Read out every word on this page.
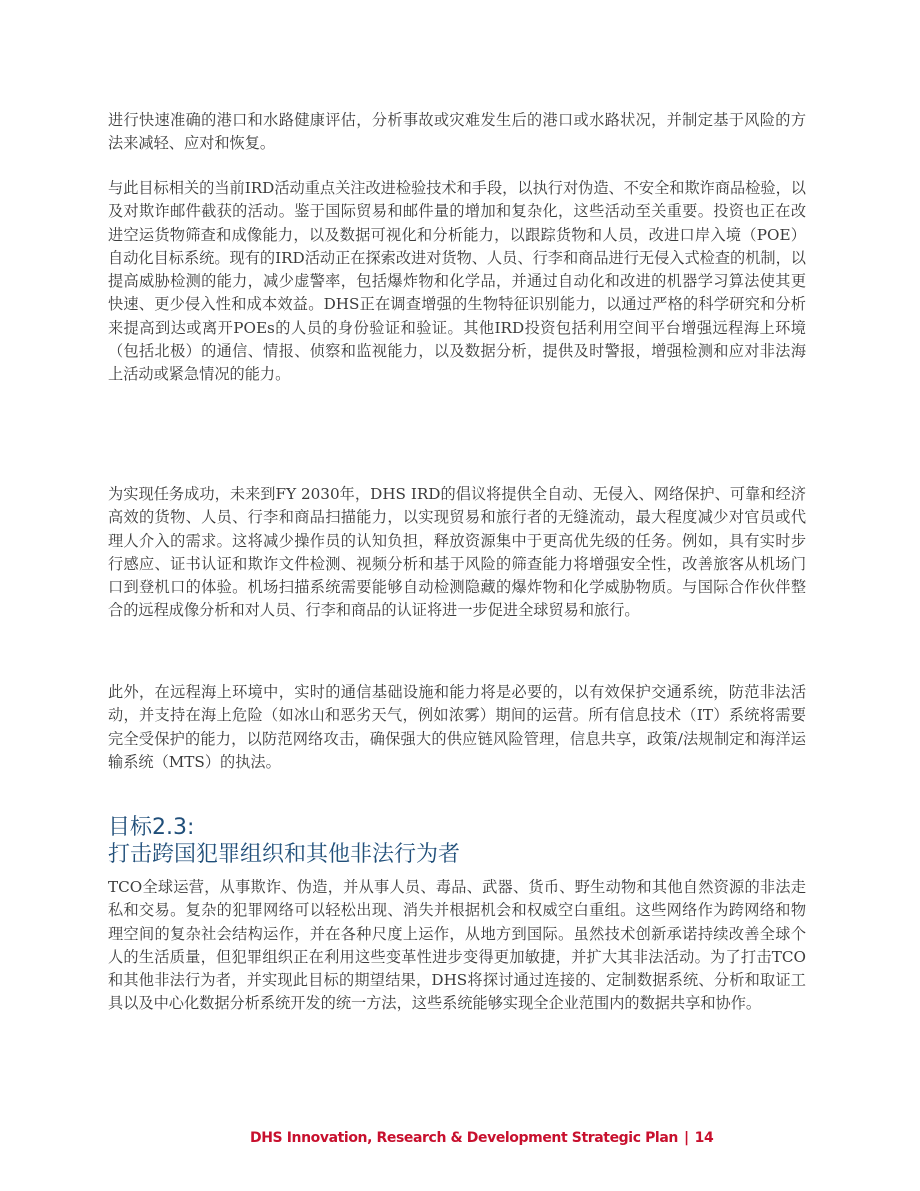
进行快速准确的港口和水路健康评估，分析事故或灾难发生后的港口或水路状况，并制定基于风险的方法来减轻、应对和恢复。

与此目标相关的当前IRD活动重点关注改进检验技术和手段，以执行对伪造、不安全和欺诈商品检验，以及对欺诈邮件截获的活动。鉴于国际贸易和邮件量的增加和复杂化，这些活动至关重要。投资也正在改进空运货物筛查和成像能力，以及数据可视化和分析能力，以跟踪货物和人员，改进口岸入境（POE）自动化目标系统。现有的IRD活动正在探索改进对货物、人员、行李和商品进行无侵入式检查的机制，以提高威胁检测的能力，减少虚警率，包括爆炸物和化学品，并通过自动化和改进的机器学习算法使其更快速、更少侵入性和成本效益。DHS正在调查增强的生物特征识别能力，以通过严格的科学研究和分析来提高到达或离开POEs的人员的身份验证和验证。其他IRD投资包括利用空间平台增强远程海上环境（包括北极）的通信、情报、侦察和监视能力，以及数据分析，提供及时警报，增强检测和应对非法海上活动或紧急情况的能力。

为实现任务成功，未来到FY 2030年，DHS IRD的倡议将提供全自动、无侵入、网络保护、可靠和经济高效的货物、人员、行李和商品扫描能力，以实现贸易和旅行者的无缝流动，最大程度减少对官员或代理人介入的需求。这将减少操作员的认知负担，释放资源集中于更高优先级的任务。例如，具有实时步行感应、证书认证和欺诈文件检测、视频分析和基于风险的筛查能力将增强安全性，改善旅客从机场门口到登机口的体验。机场扫描系统需要能够自动检测隐藏的爆炸物和化学威胁物质。与国际合作伙伴整合的远程成像分析和对人员、行李和商品的认证将进一步促进全球贸易和旅行。

此外，在远程海上环境中，实时的通信基础设施和能力将是必要的，以有效保护交通系统，防范非法活动，并支持在海上危险（如冰山和恶劣天气，例如浓雾）期间的运营。所有信息技术（IT）系统将需要完全受保护的能力，以防范网络攻击，确保强大的供应链风险管理，信息共享，政策/法规制定和海洋运输系统（MTS）的执法。

目标2.3:
打击跨国犯罪组织和其他非法行为者

TCO全球运营，从事欺诈、伪造，并从事人员、毒品、武器、货币、野生动物和其他自然资源的非法走私和交易。复杂的犯罪网络可以轻松出现、消失并根据机会和权威空白重组。这些网络作为跨网络和物理空间的复杂社会结构运作，并在各种尺度上运作，从地方到国际。虽然技术创新承诺持续改善全球个人的生活质量，但犯罪组织正在利用这些变革性进步变得更加敏捷，并扩大其非法活动。为了打击TCO和其他非法行为者，并实现此目标的期望结果，DHS将探讨通过连接的、定制数据系统、分析和取证工具以及中心化数据分析系统开发的统一方法，这些系统能够实现全企业范围内的数据共享和协作。

DHS Innovation, Research & Development Strategic Plan | 14
